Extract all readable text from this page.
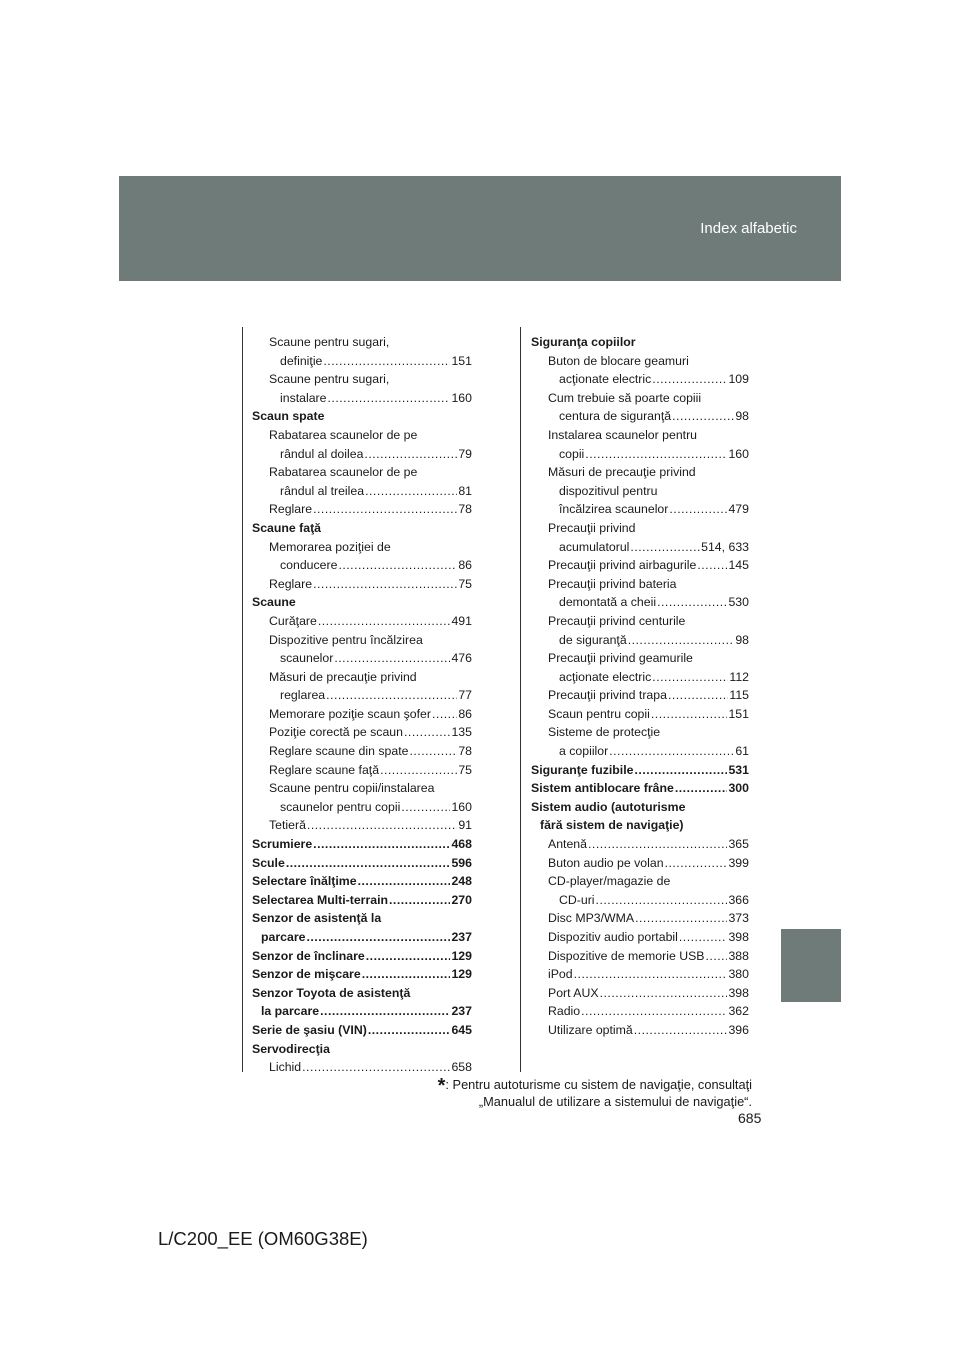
Index alfabetic
Scaune pentru sugari,
definiţie .....	151
Scaune pentru sugari,
instalare .....	160
Scaun spate
Rabatarea scaunelor de pe
rândul al doilea .....	79
Rabatarea scaunelor de pe
rândul al treilea .....	81
Reglare .....	78
Scaune faţă
Memorarea poziţiei de
conducere .....	86
Reglare .....	75
Scaune
Curăţare .....	491
Dispozitive pentru încălzirea
scaunelor .....	476
Măsuri de precauţie privind
reglarea .....	77
Memorare poziţie scaun şofer ..... 86
Poziţie corectă pe scaun .....	135
Reglare scaune din spate .....	78
Reglare scaune faţă .....	75
Scaune pentru copii/instalarea
scaunelor pentru copii .....	160
Tetieră .....	91
Scrumiere .....	468
Scule .....	596
Selectare înălţime .....	248
Selectarea Multi-terrain .....	270
Senzor de asistenţă la
parcare .....	237
Senzor de înclinare .....	129
Senzor de mişcare .....	129
Senzor Toyota de asistenţă
la parcare .....	237
Serie de şasiu (VIN) .....	645
Servodirecţia
Lichid .....	658
Siguranţa copiilor
Buton de blocare geamuri
acţionate electric .....	109
Cum trebuie să poarte copiii
centura de siguranţă .....	98
Instalarea scaunelor pentru
copii .....	160
Măsuri de precauţie privind
dispozitivul pentru
încălzirea scaunelor .....	479
Precauţii privind
acumulatorul .....	514, 633
Precauţii privind airbagurile .....	145
Precauţii privind bateria
demontată a cheii .....	530
Precauţii privind centurile
de siguranţă .....	98
Precauţii privind geamurile
acţionate electric .....	112
Precauţii privind trapa .....	115
Scaun pentru copii .....	151
Sisteme de protecţie
a copiilor .....	61
Siguranţe fuzibile .....	531
Sistem antiblocare frâne .....	300
Sistem audio (autoturisme
fără sistem de navigaţie)
Antenă .....	365
Buton audio pe volan .....	399
CD-player/magazie de
CD-uri .....	366
Disc MP3/WMA .....	373
Dispozitiv audio portabil .....	398
Dispozitive de memorie USB ..... 388
iPod .....	380
Port AUX .....	398
Radio .....	362
Utilizare optimă .....	396
*: Pentru autoturisme cu sistem de navigaţie, consultaţi
„Manualul de utilizare a sistemului de navigaţie“.
685
L/C200_EE (OM60G38E)
